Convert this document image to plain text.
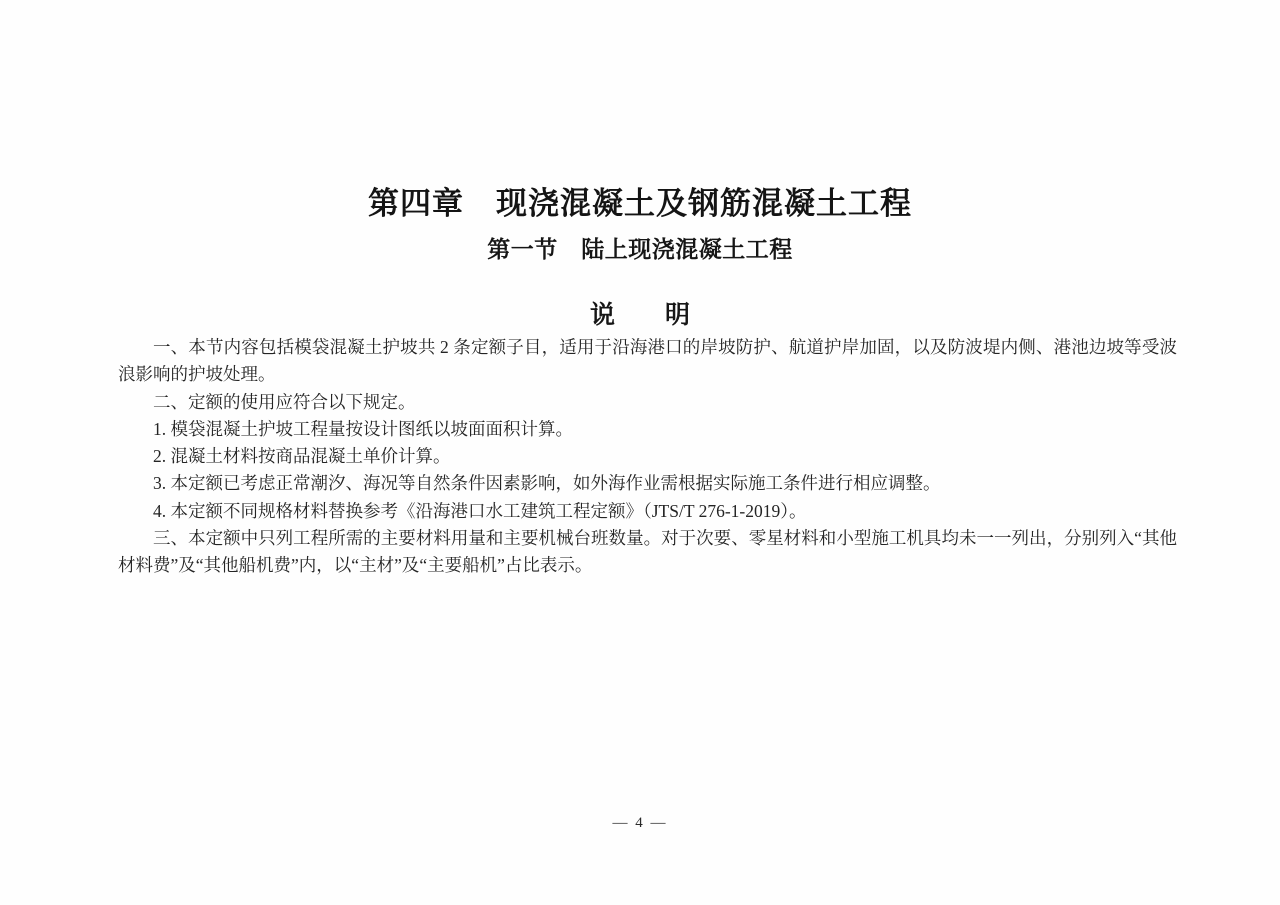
第四章　现浇混凝土及钢筋混凝土工程
第一节　陆上现浇混凝土工程
说　　明

一、本节内容包括模袋混凝土护坡共 2 条定额子目，适用于沿海港口的岸坡防护、航道护岸加固，以及防波堤内侧、港池边坡等受波浪影响的护坡处理。

二、定额的使用应符合以下规定。

1. 模袋混凝土护坡工程量按设计图纸以坡面面积计算。

2. 混凝土材料按商品混凝土单价计算。

3. 本定额已考虑正常潮汐、海况等自然条件因素影响，如外海作业需根据实际施工条件进行相应调整。

4. 本定额不同规格材料替换参考《沿海港口水工建筑工程定额》（JTS/T 276-1-2019）。

三、本定额中只列工程所需的主要材料用量和主要机械台班数量。对于次要、零星材料和小型施工机具均未一一列出，分别列入“其他材料费”及“其他船机费”内，以“主材”及“主要船机”占比表示。

— 4 —
